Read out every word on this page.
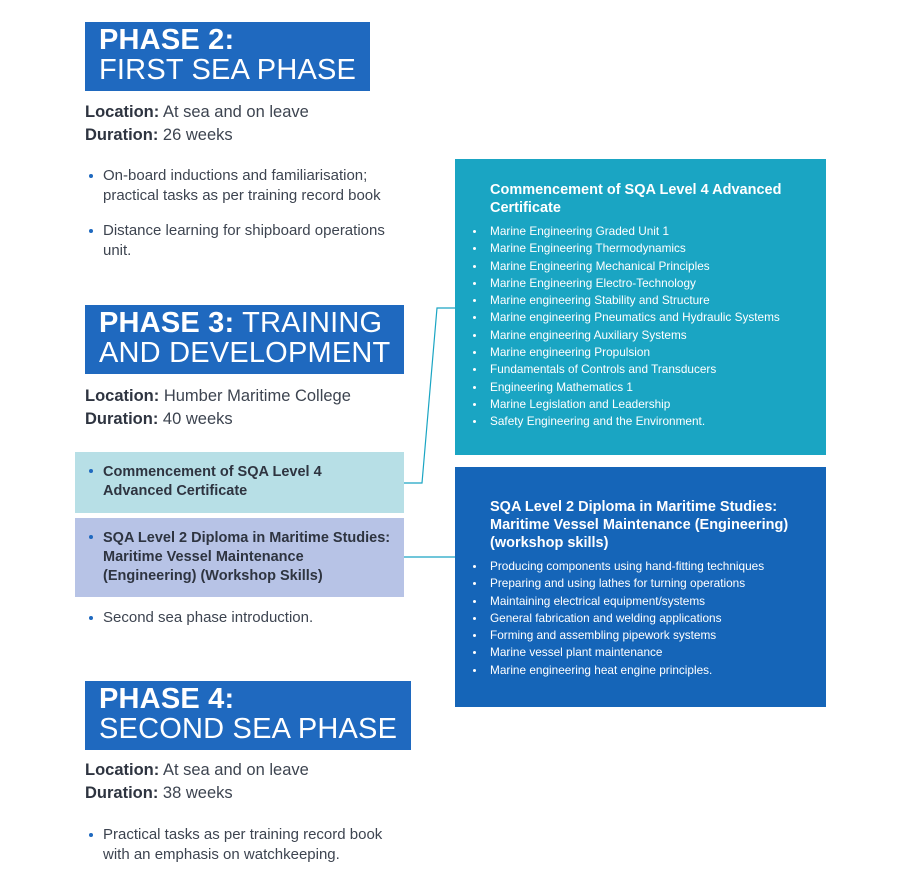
PHASE 2:
FIRST SEA PHASE
Location: At sea and on leave
Duration: 26 weeks
On-board inductions and familiarisation; practical tasks as per training record book
Distance learning for shipboard operations unit.
PHASE 3: TRAINING
AND DEVELOPMENT
Location: Humber Maritime College
Duration: 40 weeks
Commencement of SQA Level 4 Advanced Certificate
SQA Level 2 Diploma in Maritime Studies: Maritime Vessel Maintenance (Engineering) (Workshop Skills)
Second sea phase introduction.
PHASE 4:
SECOND SEA PHASE
Location: At sea and on leave
Duration: 38 weeks
Practical tasks as per training record book with an emphasis on watchkeeping.
Commencement of SQA Level 4 Advanced Certificate
Marine Engineering Graded Unit 1
Marine Engineering Thermodynamics
Marine Engineering Mechanical Principles
Marine Engineering Electro-Technology
Marine engineering Stability and Structure
Marine engineering Pneumatics and Hydraulic Systems
Marine engineering Auxiliary Systems
Marine engineering Propulsion
Fundamentals of Controls and Transducers
Engineering Mathematics 1
Marine Legislation and Leadership
Safety Engineering and the Environment.
SQA Level 2 Diploma in Maritime Studies: Maritime Vessel Maintenance (Engineering) (workshop skills)
Producing components using hand-fitting techniques
Preparing and using lathes for turning operations
Maintaining electrical equipment/systems
General fabrication and welding applications
Forming and assembling pipework systems
Marine vessel plant maintenance
Marine engineering heat engine principles.
